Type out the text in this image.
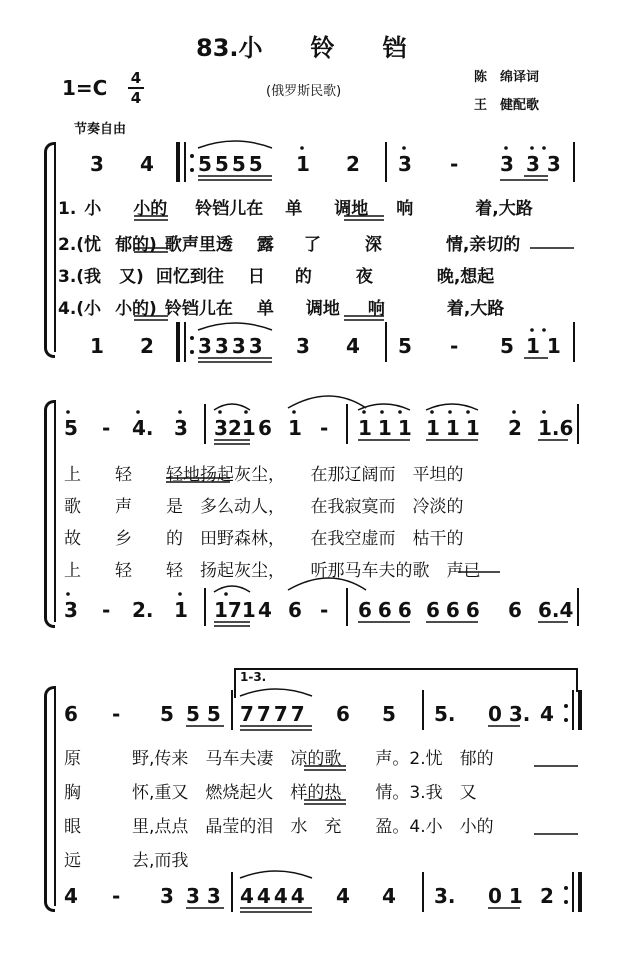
83.小　　铃　　铛
1=C 4
4	(俄罗斯民歌)
陈　绵译词
王　健配歌
节奏自由
3 4 5555 1 2 3 - 3 3 3
1. 小 小的 铃铛儿在 单 调地 响	着,大路
2.(忧 郁的) 歌声里透 露 了	深	情,亲切的
3.(我 又) 回忆到往 日 的	夜	晚,想起
4.(小 小的) 铃铛儿在 单 调地 响	着,大路
1 2 3333 3 4 5 - 5 1 1
5 - 4. 3 321 6 1 - 111 111 2 1.6
上　　轻　　轻地扬起灰尘，　　在那辽阔而　平坦的
歌　　声　　是　多么动人，　　在我寂寞而　冷淡的
故　　乡　　的　田野森林，　　在我空虚而　枯干的
上　　轻　　轻　扬起灰尘，　　听那马车夫的歌　声已
3 - 2. 1 171 4 6 - 666 666 6 6.4
1-3.
6 - 5 5 5 7777 6 5 5. 0 3. 4
原　　　野,传来　马车夫凄　凉的歌　　声。2.忧　郁的
胸　　　怀,重又　燃烧起火　样的热　　情。3.我　又
眼　　　里,点点　晶莹的泪　水　充　　盈。4.小　小的
远　　　去,而我
4 - 3 3 3 4444 4 4 3. 0 1 2
